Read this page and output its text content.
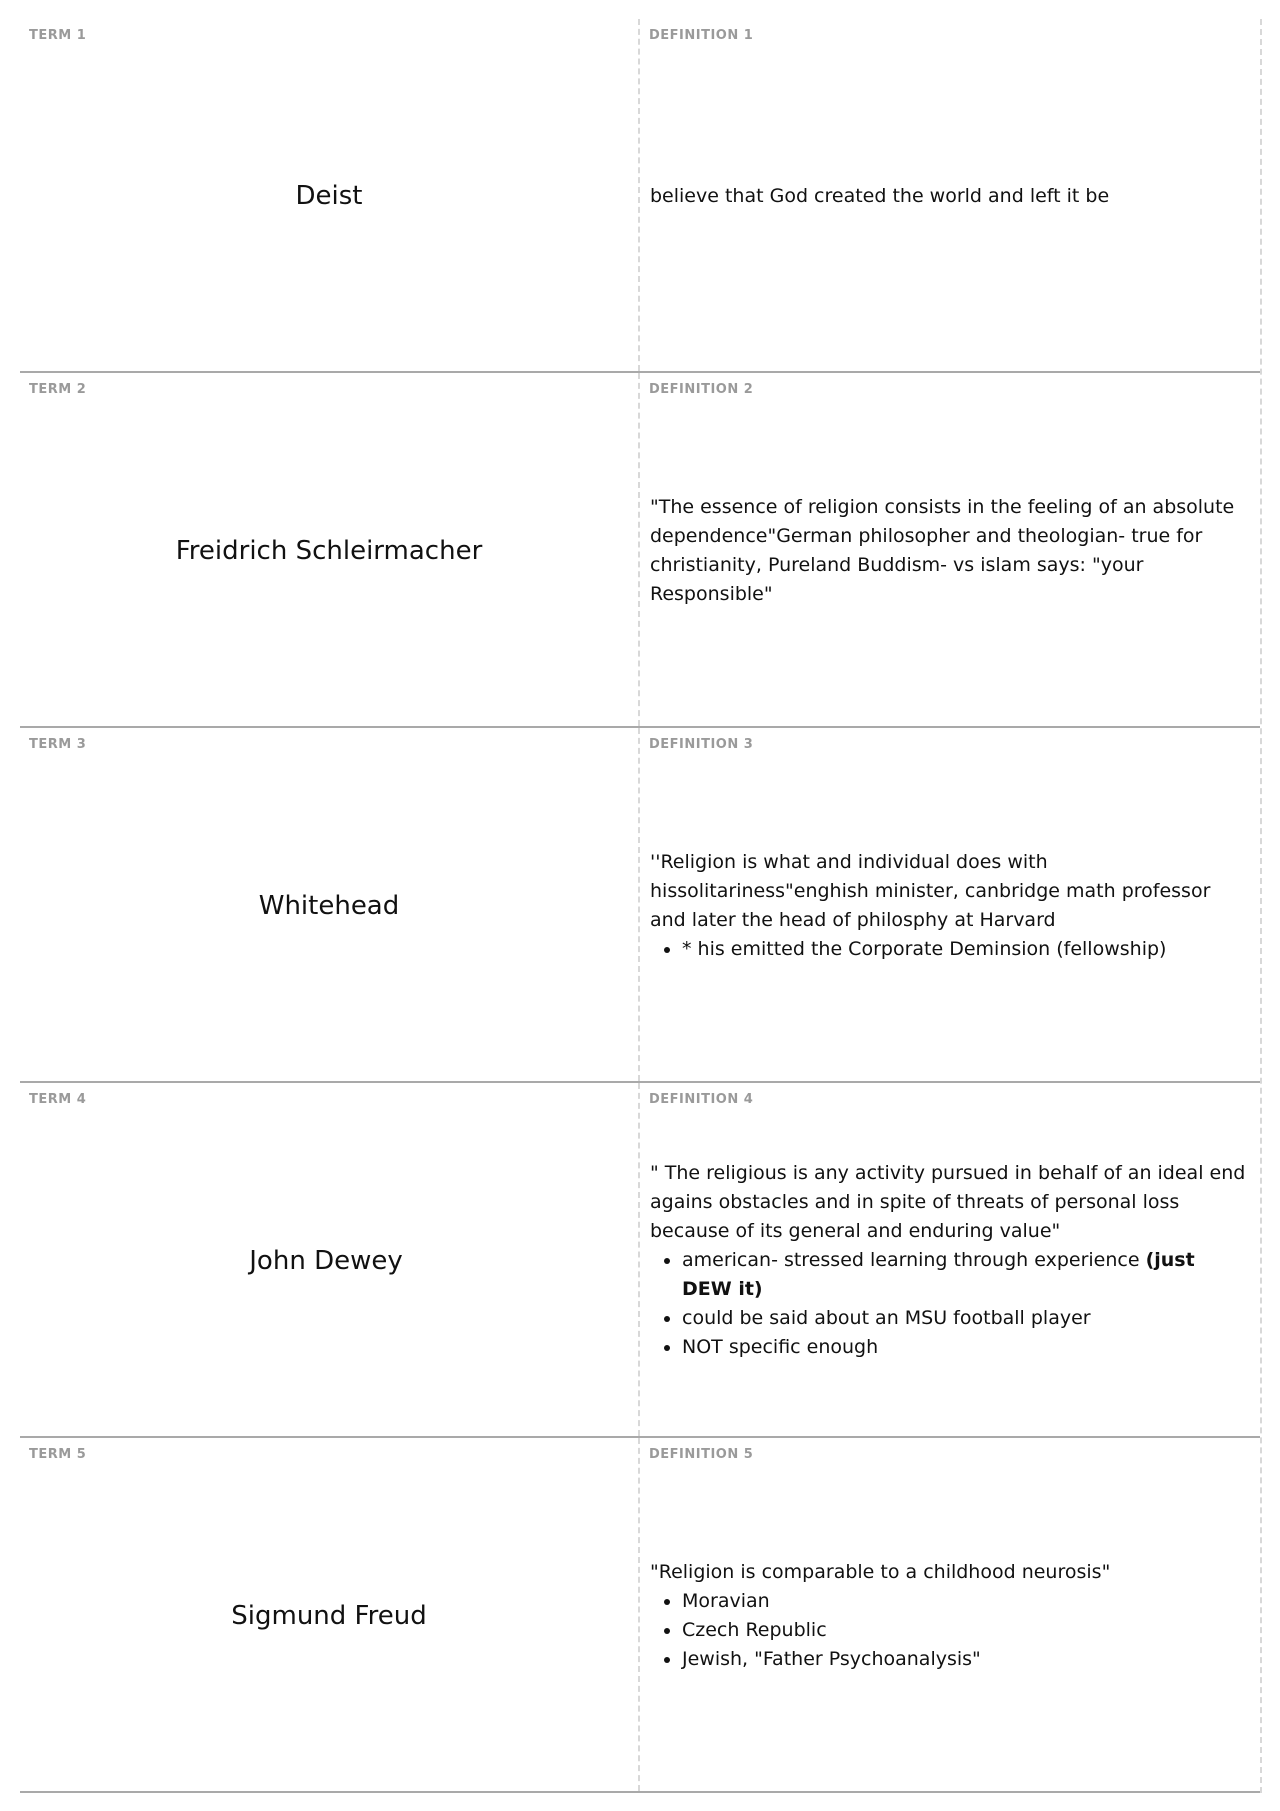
TERM 1
Deist
DEFINITION 1

believe that God created the world and left it be

TERM 2
Freidrich Schleirmacher
DEFINITION 2

"The essence of religion consists in the feeling of an absolute dependence"German philosopher and theologian- true for christianity, Pureland Buddism- vs islam says: "your Responsible"

TERM 3
Whitehead
DEFINITION 3

''Religion is what and individual does with hissolitariness"enghish minister, canbridge math professor and later the head of philosphy at Harvard

• * his emitted the Corporate Deminsion (fellowship)
TERM 4
John Dewey
DEFINITION 4

" The religious is any activity pursued in behalf of an ideal end agains obstacles and in spite of threats of personal loss because of its general and enduring value"

• american- stressed learning through experience (just DEW it)
• could be said about an MSU football player
• NOT specific enough
TERM 5
Sigmund Freud
DEFINITION 5

"Religion is comparable to a childhood neurosis"

• Moravian
• Czech Republic
• Jewish, "Father Psychoanalysis"
